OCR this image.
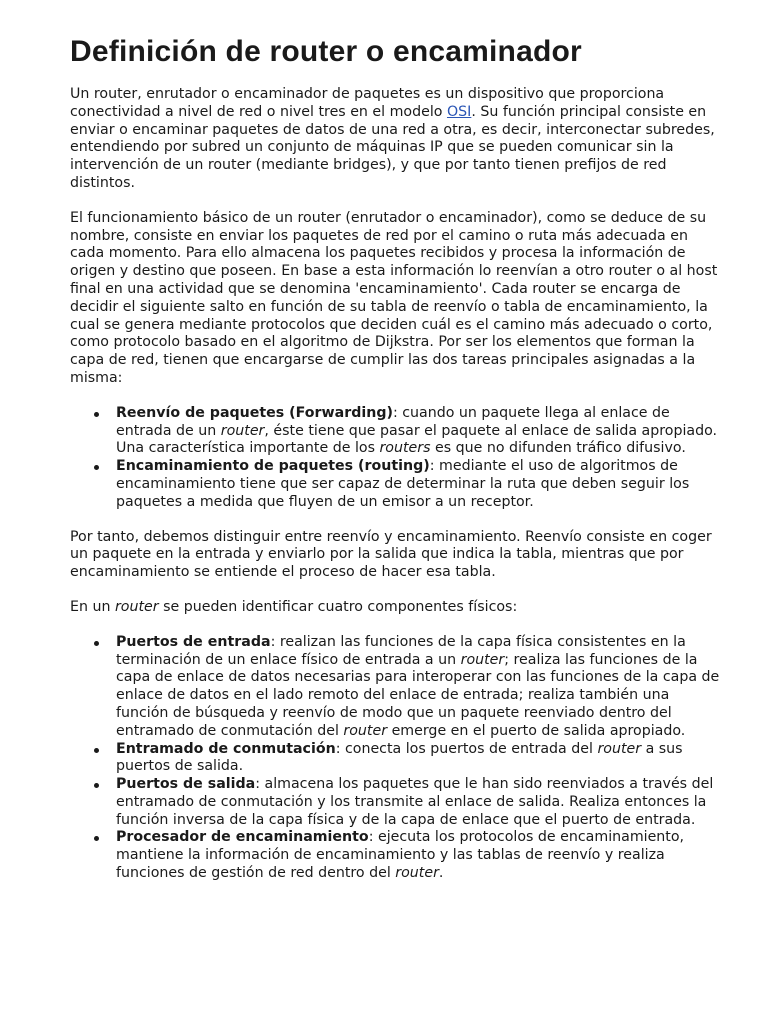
Definición de router o encaminador

Un router, enrutador o encaminador de paquetes es un dispositivo que proporciona conectividad a nivel de red o nivel tres en el modelo OSI. Su función principal consiste en enviar o encaminar paquetes de datos de una red a otra, es decir, interconectar subredes, entendiendo por subred un conjunto de máquinas IP que se pueden comunicar sin la intervención de un router (mediante bridges), y que por tanto tienen prefijos de red distintos.

El funcionamiento básico de un router (enrutador o encaminador), como se deduce de su nombre, consiste en enviar los paquetes de red por el camino o ruta más adecuada en cada momento. Para ello almacena los paquetes recibidos y procesa la información de origen y destino que poseen. En base a esta información lo reenvían a otro router o al host final en una actividad que se denomina 'encaminamiento'. Cada router se encarga de decidir el siguiente salto en función de su tabla de reenvío o tabla de encaminamiento, la cual se genera mediante protocolos que deciden cuál es el camino más adecuado o corto, como protocolo basado en el algoritmo de Dijkstra. Por ser los elementos que forman la capa de red, tienen que encargarse de cumplir las dos tareas principales asignadas a la misma:

Reenvío de paquetes (Forwarding): cuando un paquete llega al enlace de entrada de un router, éste tiene que pasar el paquete al enlace de salida apropiado. Una característica importante de los routers es que no difunden tráfico difusivo.
Encaminamiento de paquetes (routing): mediante el uso de algoritmos de encaminamiento tiene que ser capaz de determinar la ruta que deben seguir los paquetes a medida que fluyen de un emisor a un receptor.

Por tanto, debemos distinguir entre reenvío y encaminamiento. Reenvío consiste en coger un paquete en la entrada y enviarlo por la salida que indica la tabla, mientras que por encaminamiento se entiende el proceso de hacer esa tabla.

En un router se pueden identificar cuatro componentes físicos:

Puertos de entrada: realizan las funciones de la capa física consistentes en la terminación de un enlace físico de entrada a un router; realiza las funciones de la capa de enlace de datos necesarias para interoperar con las funciones de la capa de enlace de datos en el lado remoto del enlace de entrada; realiza también una función de búsqueda y reenvío de modo que un paquete reenviado dentro del entramado de conmutación del router emerge en el puerto de salida apropiado.
Entramado de conmutación: conecta los puertos de entrada del router a sus puertos de salida.
Puertos de salida: almacena los paquetes que le han sido reenviados a través del entramado de conmutación y los transmite al enlace de salida. Realiza entonces la función inversa de la capa física y de la capa de enlace que el puerto de entrada.
Procesador de encaminamiento: ejecuta los protocolos de encaminamiento, mantiene la información de encaminamiento y las tablas de reenvío y realiza funciones de gestión de red dentro del router.
